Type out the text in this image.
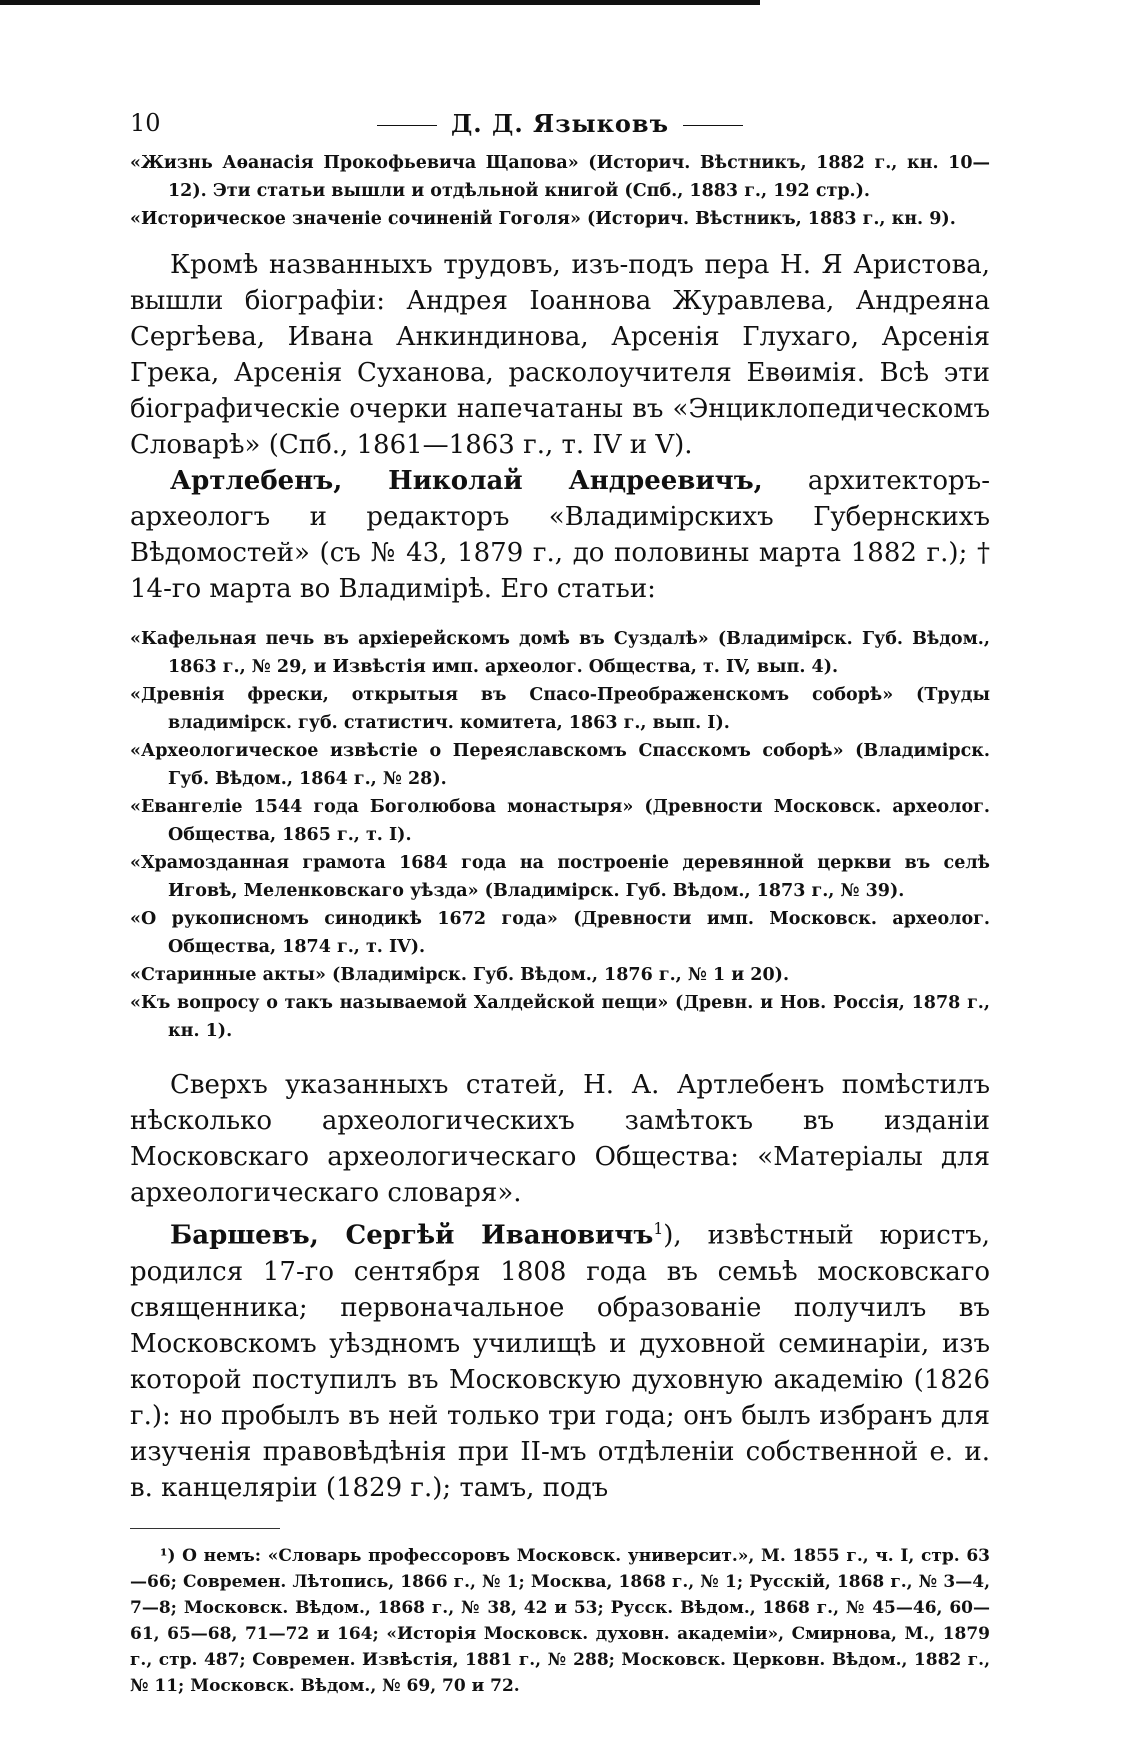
10	Д. Д. Языковъ
«Жизнь Аѳанасія Прокофьевича Щапова» (Историч. Вѣстникъ, 1882 г., кн. 10—12). Эти статьи вышли и отдѣльной книгой (Спб., 1883 г., 192 стр.).
«Историческое значеніе сочиненій Гоголя» (Историч. Вѣстникъ, 1883 г., кн. 9).

Кромѣ названныхъ трудовъ, изъ-подъ пера Н. Я Аристова, вышли біографіи: Андрея Іоаннова Журавлева, Андреяна Сергѣева, Ивана Анкиндинова, Арсенія Глухаго, Арсенія Грека, Арсенія Суханова, расколоучителя Евѳимія. Всѣ эти біографическіе очерки напечатаны въ «Энциклопедическомъ Словарѣ» (Спб., 1861—1863 г., т. IV и V).

Артлебенъ, Николай Андреевичъ, архитекторъ-археологъ и редакторъ «Владимірскихъ Губернскихъ Вѣдомостей» (съ № 43, 1879 г., до половины марта 1882 г.); † 14-го марта во Владимірѣ. Его статьи:

«Кафельная печь въ архіерейскомъ домѣ въ Суздалѣ» (Владимірск. Губ. Вѣдом., 1863 г., № 29, и Извѣстія имп. археолог. Общества, т. IV, вып. 4).
«Древнія фрески, открытыя въ Спасо-Преображенскомъ соборѣ» (Труды владимірск. губ. статистич. комитета, 1863 г., вып. I).
«Археологическое извѣстіе о Переяславскомъ Спасскомъ соборѣ» (Владимірск. Губ. Вѣдом., 1864 г., № 28).
«Евангеліе 1544 года Боголюбова монастыря» (Древности Московск. археолог. Общества, 1865 г., т. I).
«Храмозданная грамота 1684 года на построеніе деревянной церкви въ селѣ Иговѣ, Меленковскаго уѣзда» (Владимірск. Губ. Вѣдом., 1873 г., № 39).
«О рукописномъ синодикѣ 1672 года» (Древности имп. Московск. археолог. Общества, 1874 г., т. IV).
«Старинные акты» (Владимірск. Губ. Вѣдом., 1876 г., № 1 и 20).
«Къ вопросу о такъ называемой Халдейской пещи» (Древн. и Нов. Россія, 1878 г., кн. 1).

Сверхъ указанныхъ статей, Н. А. Артлебенъ помѣстилъ нѣсколько археологическихъ замѣтокъ въ изданіи Московскаго археологическаго Общества: «Матеріалы для археологическаго словаря».

Баршевъ, Сергѣй Ивановичъ$^1$), извѣстный юристъ, родился 17-го сентября 1808 года въ семьѣ московскаго священника; первоначальное образованіе получилъ въ Московскомъ уѣздномъ училищѣ и духовной семинаріи, изъ которой поступилъ въ Московскую духовную академію (1826 г.): но пробылъ въ ней только три года; онъ былъ избранъ для изученія правовѣдѣнія при II-мъ отдѣленіи собственной е. и. в. канцеляріи (1829 г.); тамъ, подъ

¹) О немъ: «Словарь профессоровъ Московск. университ.», М. 1855 г., ч. I, стр. 63—66; Современ. Лѣтопись, 1866 г., № 1; Москва, 1868 г., № 1; Русскій, 1868 г., № 3—4, 7—8; Московск. Вѣдом., 1868 г., № 38, 42 и 53; Русск. Вѣдом., 1868 г., № 45—46, 60—61, 65—68, 71—72 и 164; «Исторія Московск. духовн. академіи», Смирнова, М., 1879 г., стр. 487; Современ. Извѣстія, 1881 г., № 288; Московск. Церковн. Вѣдом., 1882 г., № 11; Московск. Вѣдом., № 69, 70 и 72.
